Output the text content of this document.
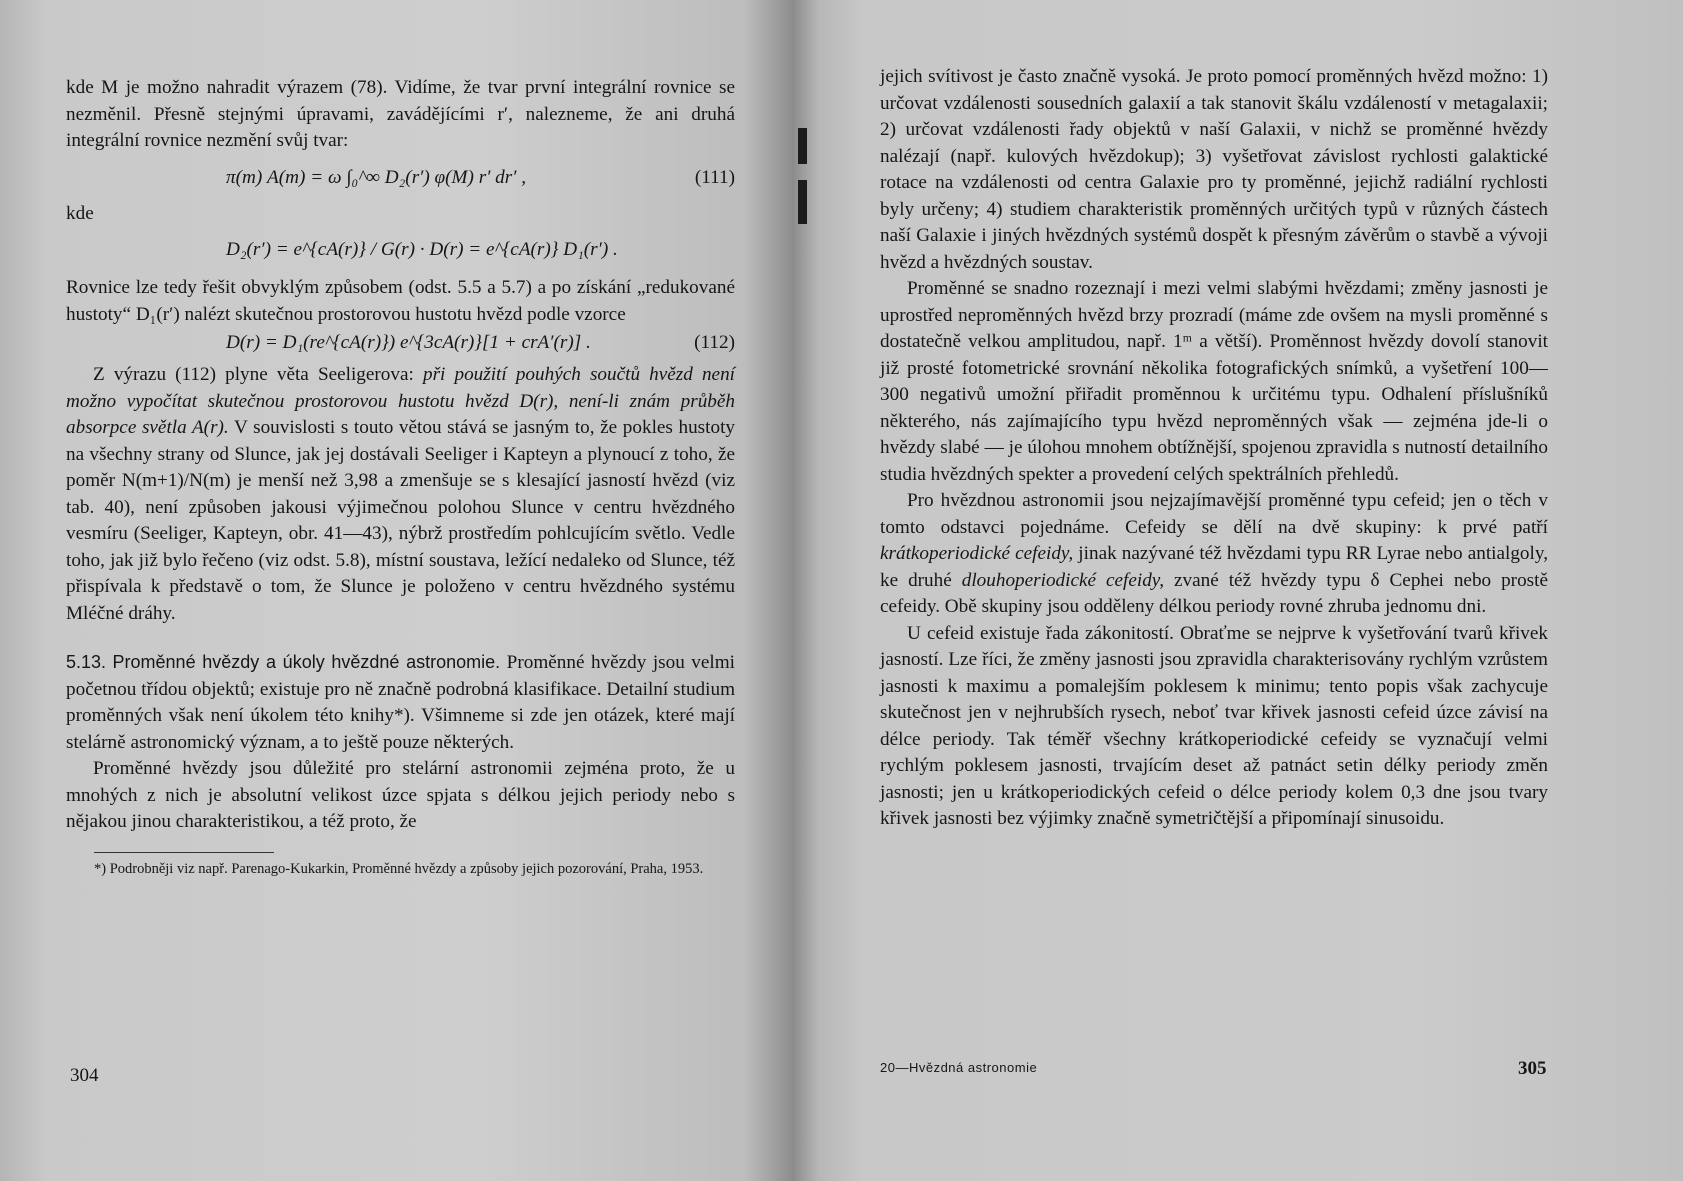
kde M je možno nahradit výrazem (78). Vidíme, že tvar první integrální rovnice se nezměnil. Přesně stejnými úpravami, zavádějícími r′, nalezneme, že ani druhá integrální rovnice nezmění svůj tvar:

π(m) A(m) = ω ∫₀^∞ D₂(r′) φ(M) r′ dr′ ,	(111)

kde

D₂(r′) = e^{cA(r)} / G(r) · D(r) = e^{cA(r)} D₁(r′) .

Rovnice lze tedy řešit obvyklým způsobem (odst. 5.5 a 5.7) a po získání „redukované hustoty“ D₁(r′) nalézt skutečnou prostorovou hustotu hvězd podle vzorce

D(r) = D₁(re^{cA(r)}) e^{3cA(r)}[1 + crA′(r)] .	(112)

Z výrazu (112) plyne věta Seeligerova: při použití pouhých součtů hvězd není možno vypočítat skutečnou prostorovou hustotu hvězd D(r), není-li znám průběh absorpce světla A(r). V souvislosti s touto větou stává se jasným to, že pokles hustoty na všechny strany od Slunce, jak jej dostávali Seeliger i Kapteyn a plynoucí z toho, že poměr N(m+1)/N(m) je menší než 3,98 a zmenšuje se s klesající jasností hvězd (viz tab. 40), není způsoben jakousi výjimečnou polohou Slunce v centru hvězdného vesmíru (Seeliger, Kapteyn, obr. 41—43), nýbrž prostředím pohlcujícím světlo. Vedle toho, jak již bylo řečeno (viz odst. 5.8), místní soustava, ležící nedaleko od Slunce, též přispívala k představě o tom, že Slunce je položeno v centru hvězdného systému Mléčné dráhy.

5.13. Proměnné hvězdy a úkoly hvězdné astronomie. Proměnné hvězdy jsou velmi početnou třídou objektů; existuje pro ně značně podrobná klasifikace. Detailní studium proměnných však není úkolem této knihy*). Všimneme si zde jen otázek, které mají stelárně astronomický význam, a to ještě pouze některých.

Proměnné hvězdy jsou důležité pro stelární astronomii zejména proto, že u mnohých z nich je absolutní velikost úzce spjata s délkou jejich periody nebo s nějakou jinou charakteristikou, a též proto, že

*) Podrobněji viz např. Parenago-Kukarkin, Proměnné hvězdy a způsoby jejich pozorování, Praha, 1953.

304

jejich svítivost je často značně vysoká. Je proto pomocí proměnných hvězd možno: 1) určovat vzdálenosti sousedních galaxií a tak stanovit škálu vzdáleností v metagalaxii; 2) určovat vzdálenosti řady objektů v naší Galaxii, v nichž se proměnné hvězdy nalézají (např. kulových hvězdokup); 3) vyšetřovat závislost rychlosti galaktické rotace na vzdálenosti od centra Galaxie pro ty proměnné, jejichž radiální rychlosti byly určeny; 4) studiem charakteristik proměnných určitých typů v různých částech naší Galaxie i jiných hvězdných systémů dospět k přesným závěrům o stavbě a vývoji hvězd a hvězdných soustav.

Proměnné se snadno rozeznají i mezi velmi slabými hvězdami; změny jasnosti je uprostřed neproměnných hvězd brzy prozradí (máme zde ovšem na mysli proměnné s dostatečně velkou amplitudou, např. 1ᵐ a větší). Proměnnost hvězdy dovolí stanovit již prosté fotometrické srovnání několika fotografických snímků, a vyšetření 100—300 negativů umožní přiřadit proměnnou k určitému typu. Odhalení příslušníků některého, nás zajímajícího typu hvězd neproměnných však — zejména jde-li o hvězdy slabé — je úlohou mnohem obtížnější, spojenou zpravidla s nutností detailního studia hvězdných spekter a provedení celých spektrálních přehledů.

Pro hvězdnou astronomii jsou nejzajímavější proměnné typu cefeid; jen o těch v tomto odstavci pojednáme. Cefeidy se dělí na dvě skupiny: k prvé patří krátkoperiodické cefeidy, jinak nazývané též hvězdami typu RR Lyrae nebo antialgoly, ke druhé dlouhoperiodické cefeidy, zvané též hvězdy typu δ Cephei nebo prostě cefeidy. Obě skupiny jsou odděleny délkou periody rovné zhruba jednomu dni.

U cefeid existuje řada zákonitostí. Obraťme se nejprve k vyšetřování tvarů křivek jasností. Lze říci, že změny jasnosti jsou zpravidla charakterisovány rychlým vzrůstem jasnosti k maximu a pomalejším poklesem k minimu; tento popis však zachycuje skutečnost jen v nejhrubších rysech, neboť tvar křivek jasnosti cefeid úzce závisí na délce periody. Tak téměř všechny krátkoperiodické cefeidy se vyznačují velmi rychlým poklesem jasnosti, trvajícím deset až patnáct setin délky periody změn jasnosti; jen u krátkoperiodických cefeid o délce periody kolem 0,3 dne jsou tvary křivek jasnosti bez výjimky značně symetričtější a připomínají sinusoidu.

20—Hvězdná astronomie	305
